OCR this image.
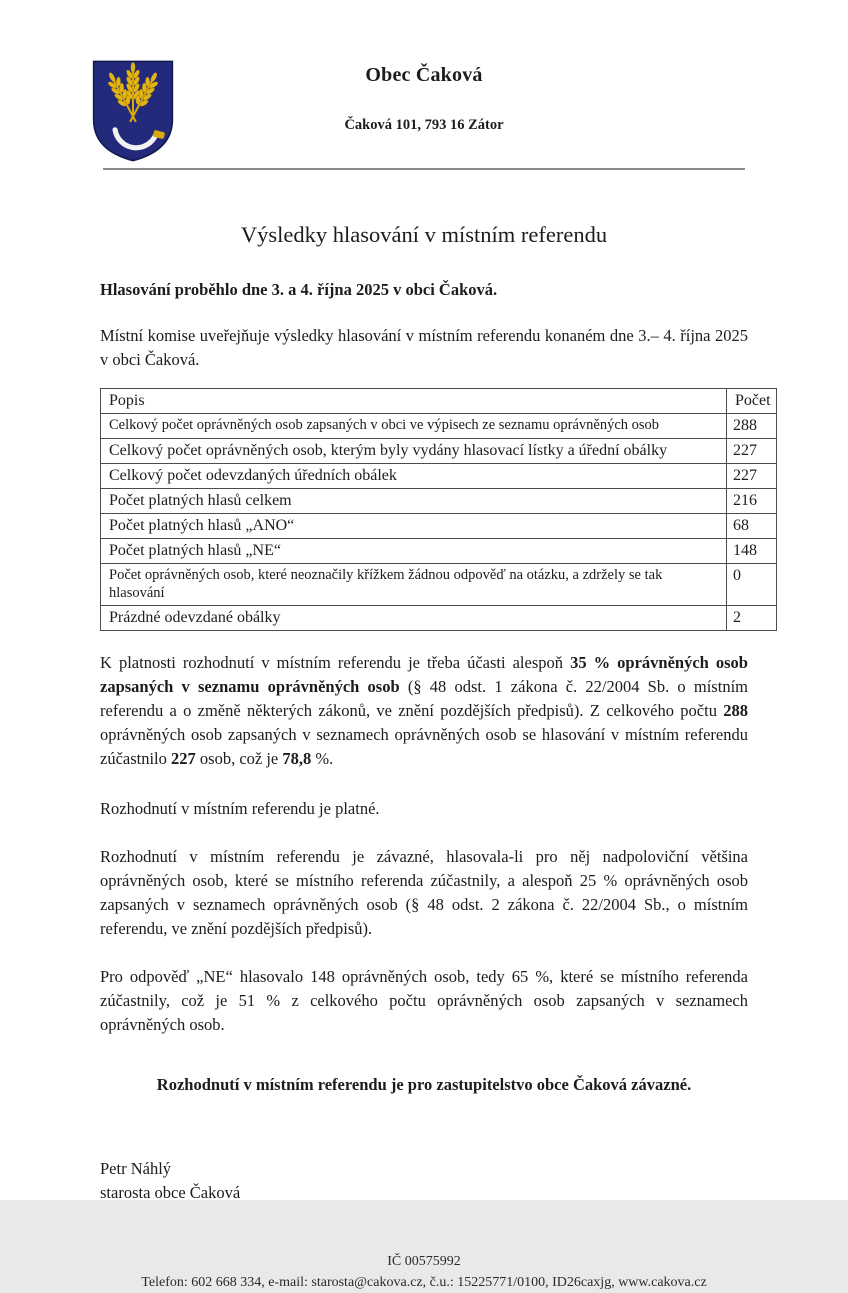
Obec Čaková
Čaková 101, 793 16 Zátor
Výsledky hlasování v místním referendu
Hlasování proběhlo dne 3. a 4. října 2025 v obci Čaková.

Místní komise uveřejňuje výsledky hlasování v místním referendu konaném dne 3.– 4. října 2025 v obci Čaková.

Popis	Počet
Celkový počet oprávněných osob zapsaných v obci ve výpisech ze seznamu oprávněných osob	288
Celkový počet oprávněných osob, kterým byly vydány hlasovací lístky a úřední obálky	227
Celkový počet odevzdaných úředních obálek	227
Počet platných hlasů celkem	216
Počet platných hlasů „ANO“	68
Počet platných hlasů „NE“	148
Počet oprávněných osob, které neoznačily křížkem žádnou odpověď na otázku, a zdržely se tak hlasování	0
Prázdné odevzdané obálky	2

K platnosti rozhodnutí v místním referendu je třeba účasti alespoň 35 % oprávněných osob zapsaných v seznamu oprávněných osob (§ 48 odst. 1 zákona č. 22/2004 Sb. o místním referendu a o změně některých zákonů, ve znění pozdějších předpisů). Z celkového počtu 288 oprávněných osob zapsaných v seznamech oprávněných osob se hlasování v místním referendu zúčastnilo 227 osob, což je 78,8 %.

Rozhodnutí v místním referendu je platné.

Rozhodnutí v místním referendu je závazné, hlasovala-li pro něj nadpoloviční většina oprávněných osob, které se místního referenda zúčastnily, a alespoň 25 % oprávněných osob zapsaných v seznamech oprávněných osob (§ 48 odst. 2 zákona č. 22/2004 Sb., o místním referendu, ve znění pozdějších předpisů).

Pro odpověď „NE“ hlasovalo 148 oprávněných osob, tedy 65 %, které se místního referenda zúčastnily, což je 51 % z celkového počtu oprávněných osob zapsaných v seznamech oprávněných osob.

Rozhodnutí v místním referendu je pro zastupitelstvo obce Čaková závazné.
Petr Náhlý
starosta obce Čaková
IČ 00575992
Telefon: 602 668 334, e-mail: starosta@cakova.cz, č.u.: 15225771/0100, ID26caxjg, www.cakova.cz
